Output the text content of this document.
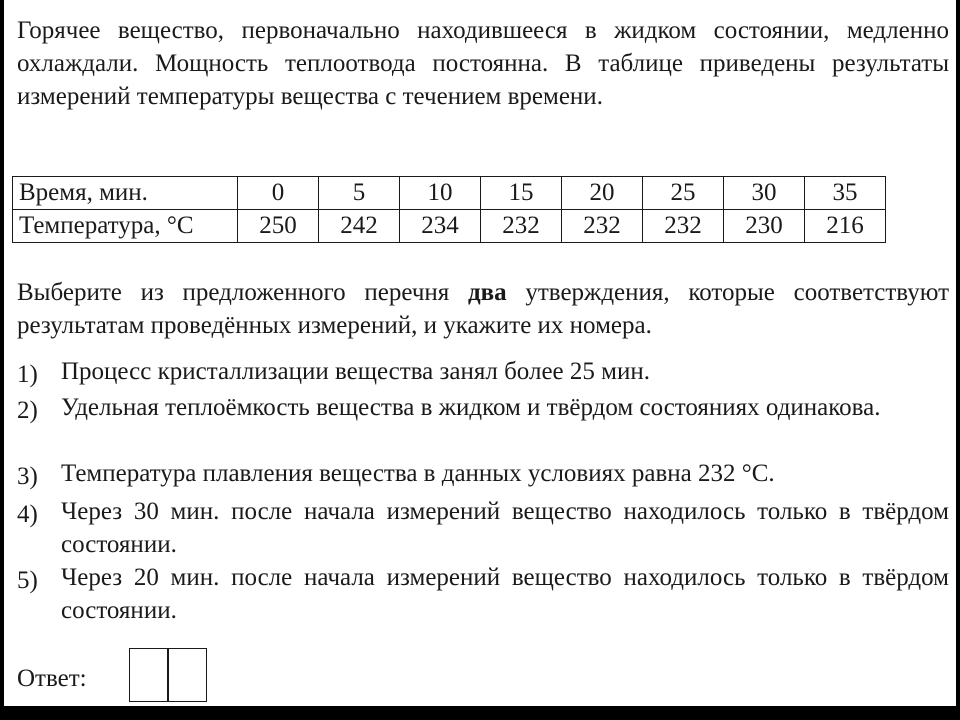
Горячее вещество, первоначально находившееся в жидком состоянии, медленно охлаждали. Мощность теплоотвода постоянна. В таблице приведены результаты измерений температуры вещества с течением времени.

Время, мин.	0	5	10	15	20	25	30	35
Температура, °С	250	242	234	232	232	232	230	216

Выберите из предложенного перечня два утверждения, которые соответствуют результатам проведённых измерений, и укажите их номера.

1) Процесс кристаллизации вещества занял более 25 мин.
2) Удельная теплоёмкость вещества в жидком и твёрдом состояниях одинакова.
3) Температура плавления вещества в данных условиях равна 232 °С.
4) Через 30 мин. после начала измерений вещество находилось только в твёрдом состоянии.
5) Через 20 мин. после начала измерений вещество находилось только в твёрдом состоянии.
Ответ:
